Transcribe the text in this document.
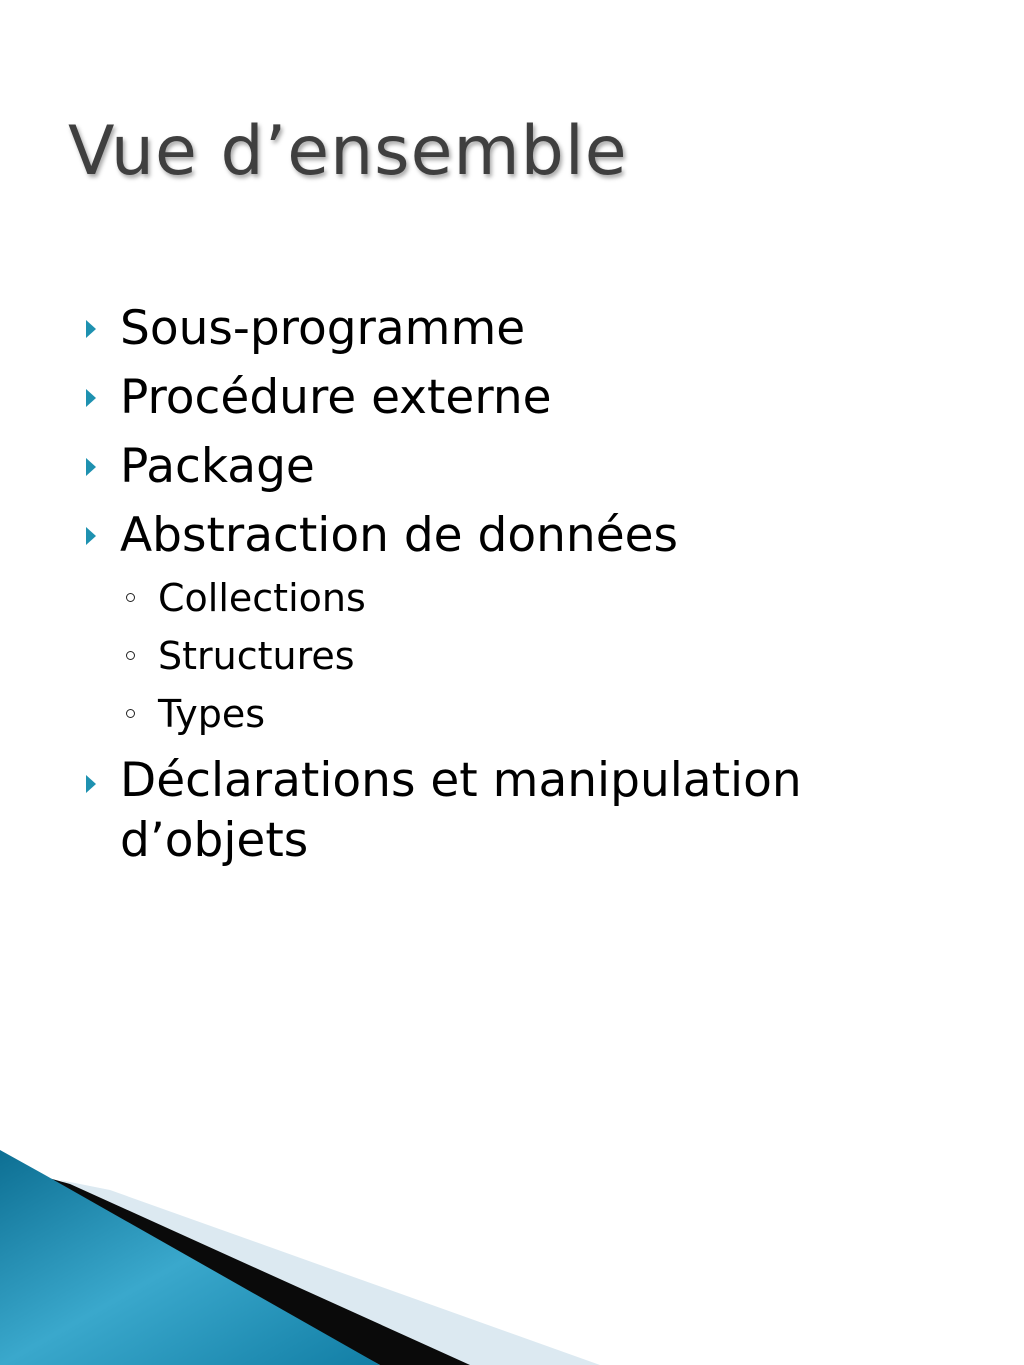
Vue d’ensemble
Sous-programme
Procédure externe
Package
Abstraction de données
Collections
Structures
Types
Déclarations et manipulation d’objets
